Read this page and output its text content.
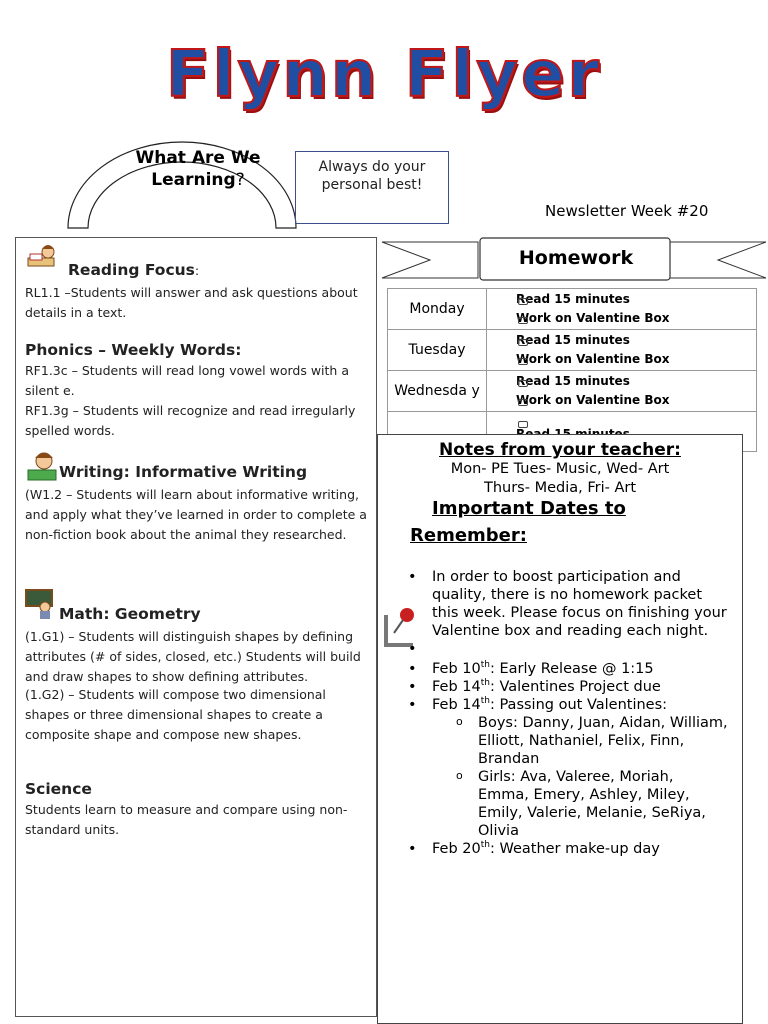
Flynn Flyer
What Are We
Learning?
Always do your personal best!
Newsletter Week #20
Reading Focus:
RL1.1 –Students will answer and ask questions about details in a text.
Phonics – Weekly Words:
RF1.3c – Students will read long vowel words with a silent e.
RF1.3g – Students will recognize and read irregularly spelled words.
Writing: Informative Writing
(W1.2 – Students will learn about informative writing, and apply what they’ve learned in order to complete a non-fiction book about the animal they researched.
Math: Geometry
(1.G1) – Students will distinguish shapes by defining attributes (# of sides, closed, etc.) Students will build and draw shapes to show defining attributes.
(1.G2) – Students will compose two dimensional shapes or three dimensional shapes to create a composite shape and compose new shapes.
Science
Students learn to measure and compare using non-standard units.
Homework
Monday	Read 15 minutes
Work on Valentine Box

Tuesday	Read 15 minutes
Work on Valentine Box

Wednesda y	Read 15 minutes
Work on Valentine Box

Notes from your teacher:
Mon- PE Tues- Music, Wed- Art
Thurs- Media, Fri- Art
Important Dates to
Remember:
• In order to boost participation and quality, there is no homework packet this week. Please focus on finishing your Valentine box and reading each night.
•
• Feb 10th: Early Release @ 1:15
• Feb 14th: Valentines Project due
• Feb 14th: Passing out Valentines:
o Boys: Danny, Juan, Aidan, William, Elliott, Nathaniel, Felix, Finn, Brandan
o Girls: Ava, Valeree, Moriah, Emma, Emery, Ashley, Miley, Emily, Valerie, Melanie, SeRiya, Olivia
• Feb 20th: Weather make-up day
